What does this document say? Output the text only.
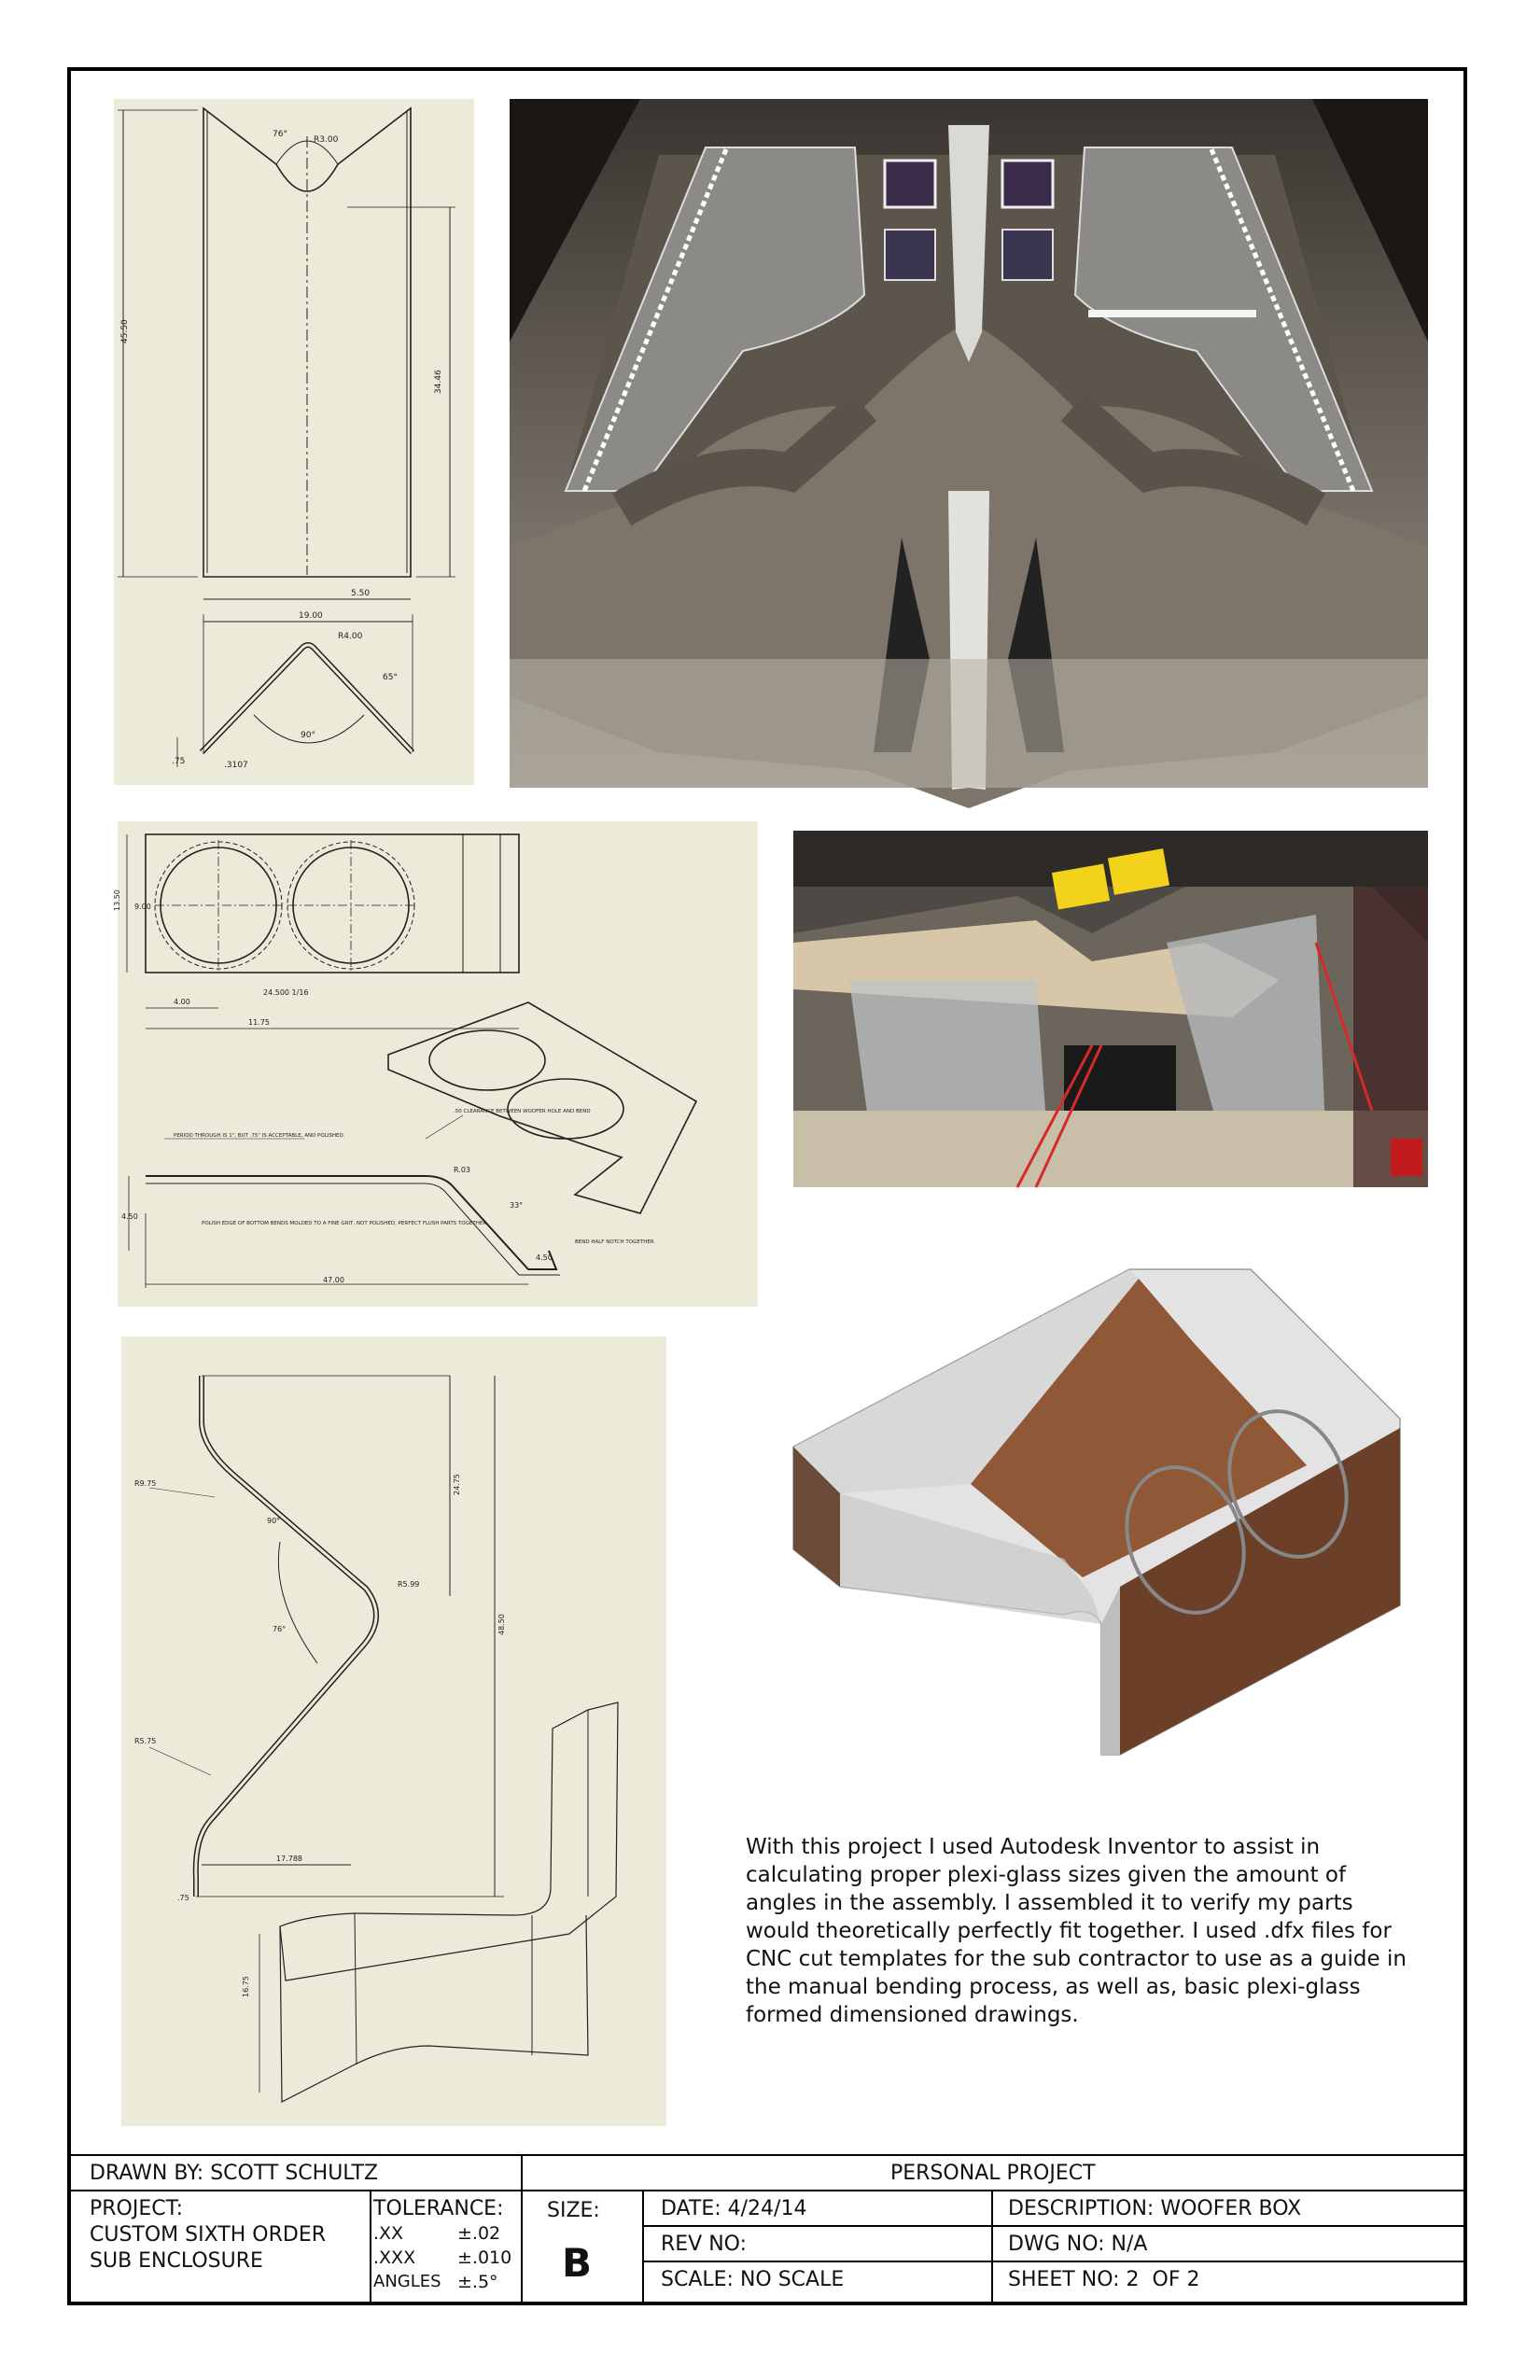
76°
R3.00
45.50
34.46
5.50
19.00
R4.00
65°
90°
.75	.3107
13.50 9.00
4.00
11.75
24.500 1/16
R.03
33°
47.00
4.50
4.50
PERIOD THROUGH IS 1", BUT .75" IS ACCEPTABLE, AND POLISHED.
.50 CLEARANCE BETWEEN WOOFER HOLE AND BEND
POLISH EDGE OF BOTTOM BENDS MOLDED TO A FINE GRIT, NOT POLISHED, PERFECT FLUSH PARTS TOGETHER
BEND HALF NOTCH TOGETHER
R9.75
90°
R5.99
76°
24.75
48.50
R5.75
17.788
.75
16.75
With this project I used Autodesk Inventor to assist in calculating proper plexi-glass sizes given the amount of angles in the assembly. I assembled it to verify my parts would theoretically perfectly fit together. I used .dfx files for CNC cut templates for the sub contractor to use as a guide in the manual bending process, as well as, basic plexi-glass formed dimensioned drawings.
DRAWN BY: SCOTT SCHULTZ	PERSONAL PROJECT
PROJECT:
CUSTOM SIXTH ORDER
SUB ENCLOSURE
TOLERANCE:
.XX	±.02
.XXX ±.010
ANGLES ±.5°
SIZE:
B
DATE: 4/24/14	DESCRIPTION: WOOFER BOX
REV NO:	DWG NO: N/A
SCALE: NO SCALE	SHEET NO: 2  OF 2
